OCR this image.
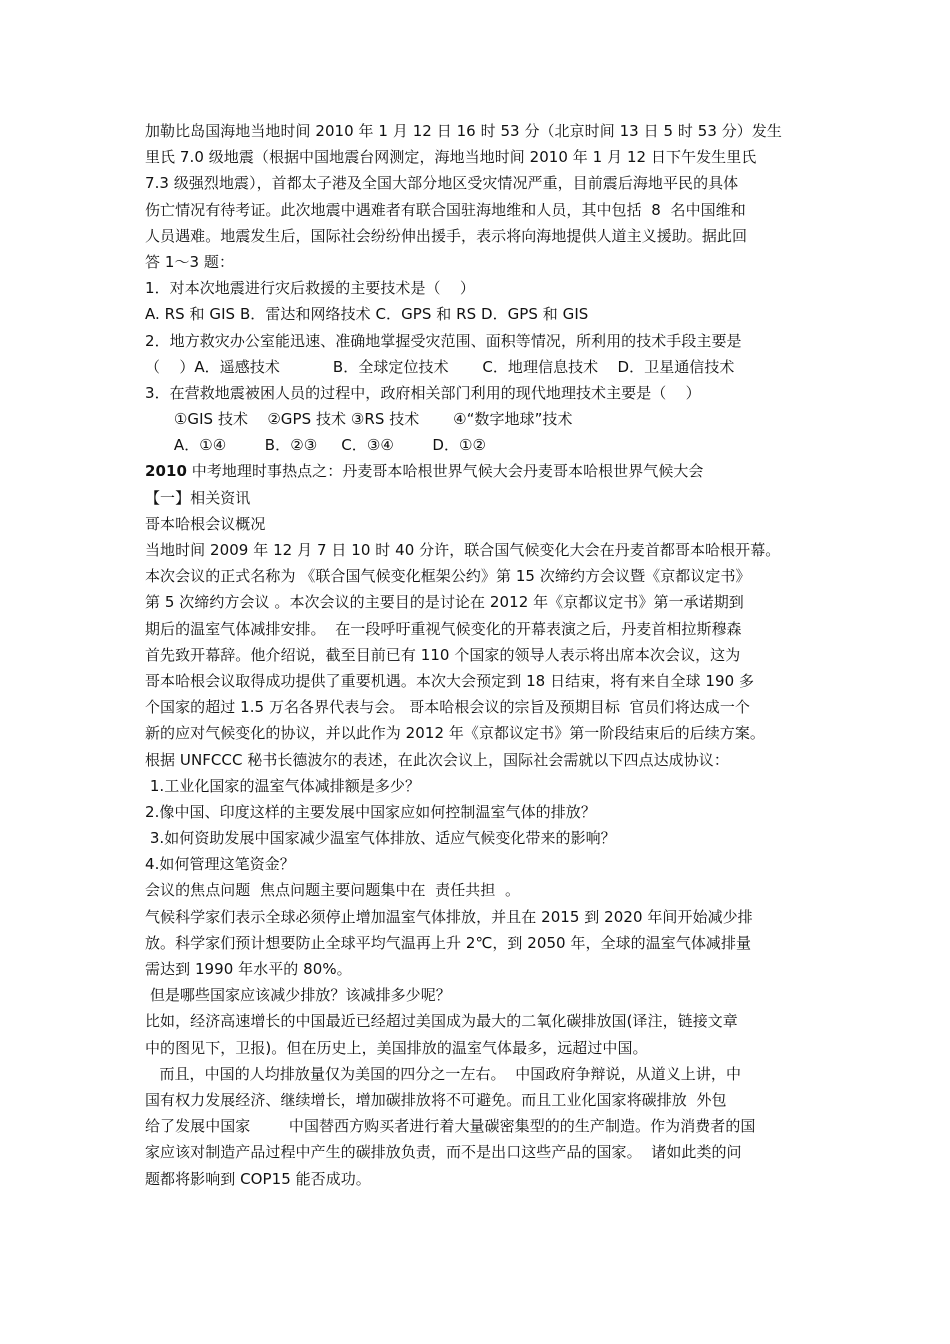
加勒比岛国海地当地时间 2010 年 1 月 12 日 16 时 53 分（北京时间 13 日 5 时 53 分）发生
里氏 7.0 级地震（根据中国地震台网测定，海地当地时间 2010 年 1 月 12 日下午发生里氏
7.3 级强烈地震），首都太子港及全国大部分地区受灾情况严重，目前震后海地平民的具体
伤亡情况有待考证。此次地震中遇难者有联合国驻海地维和人员，其中包括  8  名中国维和
人员遇难。地震发生后，国际社会纷纷伸出援手，表示将向海地提供人道主义援助。据此回
答 1～3 题：
1．对本次地震进行灾后救援的主要技术是（    ）
A. RS 和 GIS B．雷达和网络技术 C．GPS 和 RS D．GPS 和 GIS
2．地方救灾办公室能迅速、准确地掌握受灾范围、面积等情况，所利用的技术手段主要是
（    ）A．遥感技术           B．全球定位技术       C．地理信息技术    D．卫星通信技术
3．在营救地震被困人员的过程中，政府相关部门利用的现代地理技术主要是（    ）
①GIS 技术    ②GPS 技术 ③RS 技术       ④“数字地球”技术
A．①④        B．②③     C．③④        D．①②
2010 中考地理时事热点之：丹麦哥本哈根世界气候大会丹麦哥本哈根世界气候大会
【一】相关资讯
哥本哈根会议概况
当地时间 2009 年 12 月 7 日 10 时 40 分许，联合国气候变化大会在丹麦首都哥本哈根开幕。
本次会议的正式名称为 《联合国气候变化框架公约》第 15 次缔约方会议暨《京都议定书》
第 5 次缔约方会议 。本次会议的主要目的是讨论在 2012 年《京都议定书》第一承诺期到
期后的温室气体减排安排。  在一段呼吁重视气候变化的开幕表演之后，丹麦首相拉斯穆森
首先致开幕辞。他介绍说，截至目前已有 110 个国家的领导人表示将出席本次会议，这为
哥本哈根会议取得成功提供了重要机遇。本次大会预定到 18 日结束，将有来自全球 190 多
个国家的超过 1.5 万名各界代表与会。 哥本哈根会议的宗旨及预期目标  官员们将达成一个
新的应对气候变化的协议，并以此作为 2012 年《京都议定书》第一阶段结束后的后续方案。
根据 UNFCCC 秘书长德波尔的表述，在此次会议上，国际社会需就以下四点达成协议：
1.工业化国家的温室气体减排额是多少？
2.像中国、印度这样的主要发展中国家应如何控制温室气体的排放？
3.如何资助发展中国家减少温室气体排放、适应气候变化带来的影响？
4.如何管理这笔资金？
会议的焦点问题  焦点问题主要问题集中在  责任共担  。
气候科学家们表示全球必须停止增加温室气体排放，并且在 2015 到 2020 年间开始减少排
放。科学家们预计想要防止全球平均气温再上升 2℃，到 2050 年，全球的温室气体减排量
需达到 1990 年水平的 80%。
但是哪些国家应该减少排放？该减排多少呢？
比如，经济高速增长的中国最近已经超过美国成为最大的二氧化碳排放国(译注，链接文章
中的图见下，卫报)。但在历史上，美国排放的温室气体最多，远超过中国。
而且，中国的人均排放量仅为美国的四分之一左右。  中国政府争辩说，从道义上讲，中
国有权力发展经济、继续增长，增加碳排放将不可避免。而且工业化国家将碳排放  外包
给了发展中国家        中国替西方购买者进行着大量碳密集型的的生产制造。作为消费者的国
家应该对制造产品过程中产生的碳排放负责，而不是出口这些产品的国家。  诸如此类的问
题都将影响到 COP15 能否成功。
